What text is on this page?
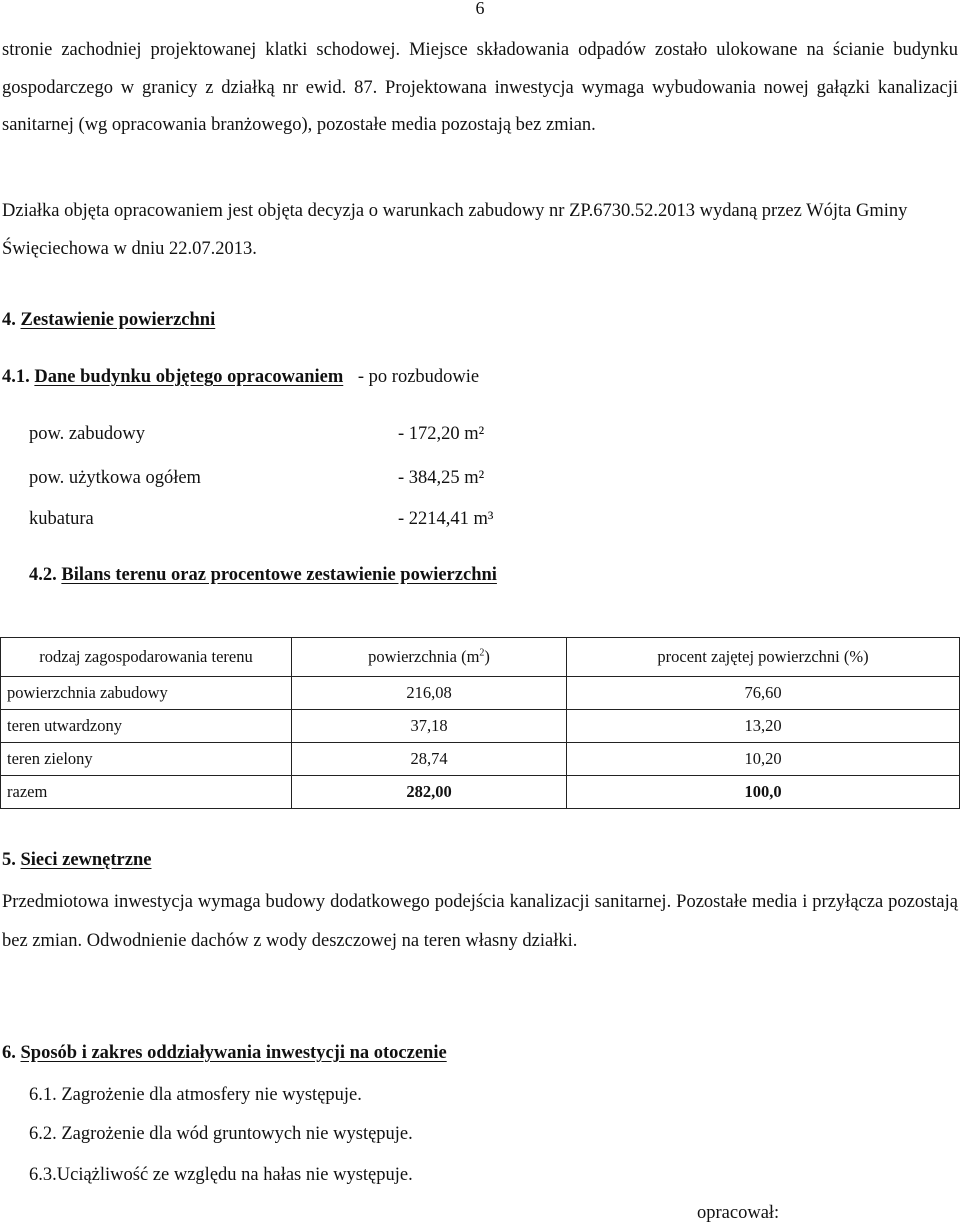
6
stronie zachodniej projektowanej klatki schodowej. Miejsce składowania odpadów zostało ulokowane na ścianie budynku gospodarczego w granicy z działką nr ewid. 87. Projektowana inwestycja wymaga wybudowania nowej gałązki kanalizacji sanitarnej (wg opracowania branżowego), pozostałe media pozostają bez zmian.
Działka objęta opracowaniem jest objęta decyzja o warunkach zabudowy nr ZP.6730.52.2013 wydaną przez Wójta Gminy Święciechowa w dniu 22.07.2013.
4. Zestawienie powierzchni
4.1. Dane budynku objętego opracowaniem - po rozbudowie
pow. zabudowy	- 172,20 m²
pow. użytkowa ogółem	- 384,25 m²
kubatura	- 2214,41 m³
4.2. Bilans terenu oraz procentowe zestawienie powierzchni
rodzaj zagospodarowania terenu	powierzchnia $(m^2)$	procent zajętej powierzchni (%)
powierzchnia zabudowy	216,08	76,60
teren utwardzony	37,18	13,20
teren zielony	28,74	10,20
razem	282,00	100,0
5. Sieci zewnętrzne
Przedmiotowa inwestycja wymaga budowy dodatkowego podejścia kanalizacji sanitarnej. Pozostałe media i przyłącza pozostają bez zmian. Odwodnienie dachów z wody deszczowej na teren własny działki.
6. Sposób i zakres oddziaływania inwestycji na otoczenie
6.1. Zagrożenie dla atmosfery nie występuje.
6.2. Zagrożenie dla wód gruntowych nie występuje.
6.3.Uciążliwość ze względu na hałas nie występuje.
opracował:
